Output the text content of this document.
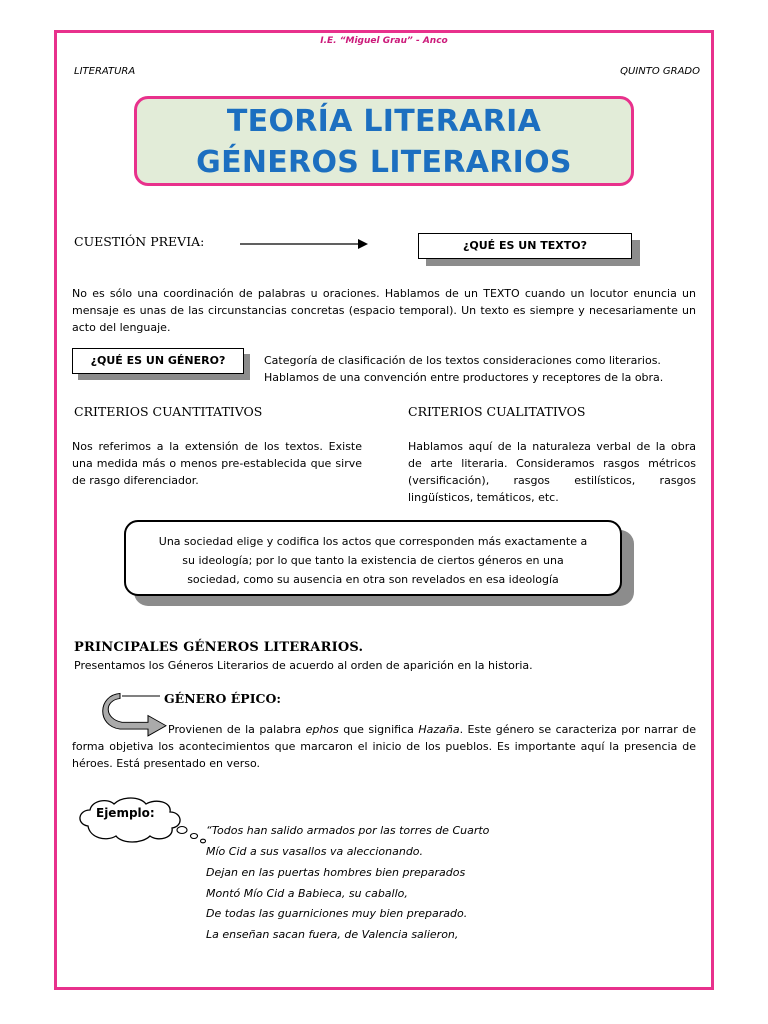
I.E. “Miguel Grau” - Anco
LITERATURA	QUINTO GRADO
TEORÍA LITERARIA
GÉNEROS LITERARIOS
CUESTIÓN PREVIA:	¿QUÉ ES UN TEXTO?
No es sólo una coordinación de palabras u oraciones. Hablamos de un TEXTO cuando un locutor enuncia un mensaje es unas de las circunstancias concretas (espacio temporal). Un texto es siempre y necesariamente un acto del lenguaje.
¿QUÉ ES UN GÉNERO?	Categoría de clasificación de los textos consideraciones como literarios.
Hablamos de una convención entre productores y receptores de la obra.
CRITERIOS CUANTITATIVOS	CRITERIOS CUALITATIVOS
Nos referimos a la extensión de los textos. Existe una medida más o menos pre-establecida que sirve de rasgo diferenciador.
Hablamos aquí de la naturaleza verbal de la obra de arte literaria. Consideramos rasgos métricos (versificación), rasgos estilísticos, rasgos lingüísticos, temáticos, etc.
Una sociedad elige y codifica los actos que corresponden más exactamente a
su ideología; por lo que tanto la existencia de ciertos géneros en una
sociedad, como su ausencia en otra son revelados en esa ideología
PRINCIPALES GÉNEROS LITERARIOS.
Presentamos los Géneros Literarios de acuerdo al orden de aparición en la historia.
GÉNERO ÉPICO:
Provienen de la palabra ephos que significa Hazaña. Este género se caracteriza por narrar de forma objetiva los acontecimientos que marcaron el inicio de los pueblos. Es importante aquí la presencia de héroes. Está presentado en verso.
Ejemplo:
“Todos han salido armados por las torres de Cuarto
Mío Cid a sus vasallos va aleccionando.
Dejan en las puertas hombres bien preparados
Montó Mío Cid a Babieca, su caballo,
De todas las guarniciones muy bien preparado.
La enseñan sacan fuera, de Valencia salieron,
